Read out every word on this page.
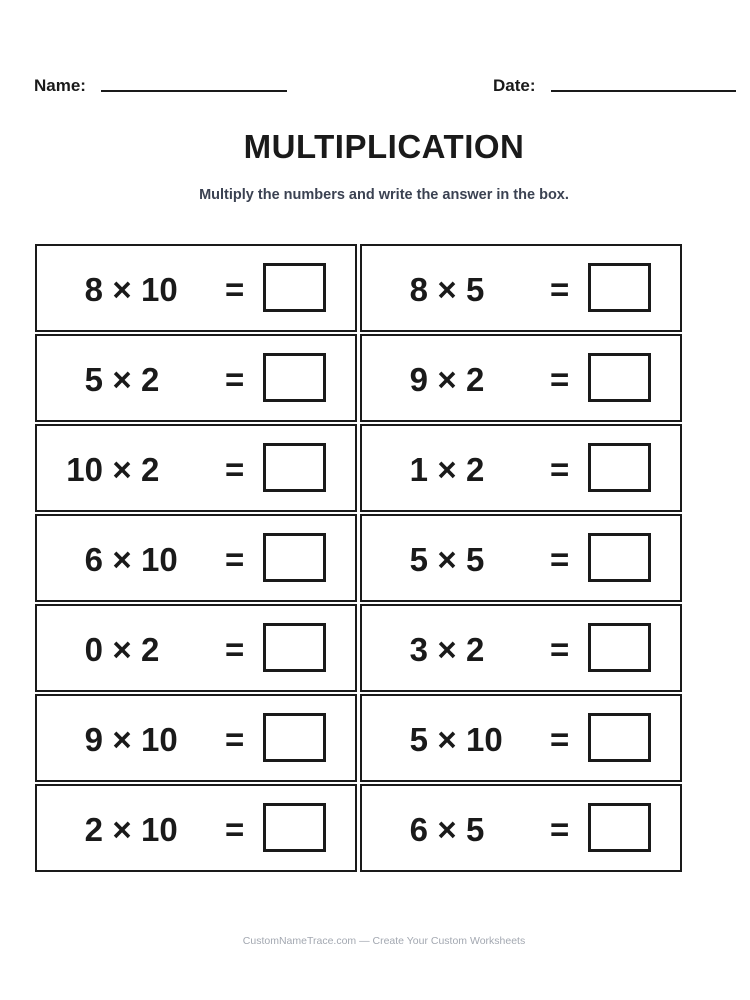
Name:	Date:
MULTIPLICATION
Multiply the numbers and write the answer in the box.
8 × 10 =	8 × 5	=
5 × 2	=	9 × 2	=
10 × 2	=	1 × 2	=
6 × 10 =	5 × 5	=
0 × 2	=	3 × 2	=
9 × 10 =	5 × 10 =
2 × 10 =	6 × 5	=
CustomNameTrace.com — Create Your Custom Worksheets
